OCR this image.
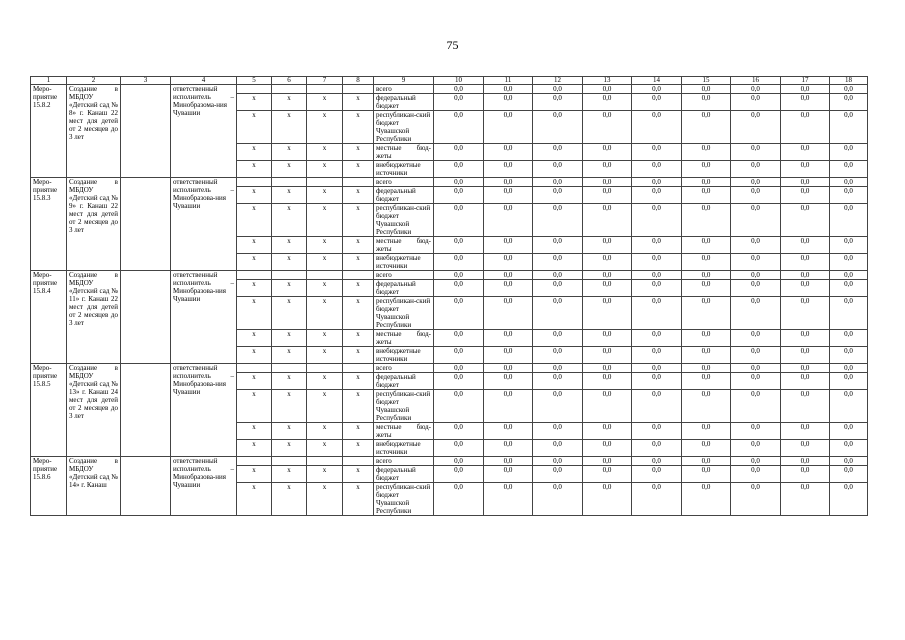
75
1	2	3	4	5	6	7	8	9	10	11	12	13	14	15	16	17	18
Меро-приятие 15.8.2	Создание в МБДОУ «Детский сад № 8» г. Канаш 22 мест для детей от 2 месяцев до 3 лет		ответственный исполнитель – Минобразома-ния Чувашии					всего	0,0	0,0	0,0	0,0	0,0	0,0	0,0	0,0	0,0
				x	x	x	x	федеральный бюджет	0,0	0,0	0,0	0,0	0,0	0,0	0,0	0,0	0,0
				x	x	x	x	республикан-ский бюджет Чувашской Республики	0,0	0,0	0,0	0,0	0,0	0,0	0,0	0,0	0,0
				x	x	x	x	местные бюд-жеты	0,0	0,0	0,0	0,0	0,0	0,0	0,0	0,0	0,0
				x	x	x	x	внебюджетные источники	0,0	0,0	0,0	0,0	0,0	0,0	0,0	0,0	0,0
Меро-приятие 15.8.3	Создание в МБДОУ «Детский сад № 9» г. Канаш 22 мест для детей от 2 месяцев до 3 лет		ответственный исполнитель – Минобразова-ния Чувашии					всего	0,0	0,0	0,0	0,0	0,0	0,0	0,0	0,0	0,0
				x	x	x	x	федеральный бюджет	0,0	0,0	0,0	0,0	0,0	0,0	0,0	0,0	0,0
				x	x	x	x	республикан-ский бюджет Чувашской Республики	0,0	0,0	0,0	0,0	0,0	0,0	0,0	0,0	0,0
				x	x	x	x	местные бюд-жеты	0,0	0,0	0,0	0,0	0,0	0,0	0,0	0,0	0,0
				x	x	x	x	внебюджетные источники	0,0	0,0	0,0	0,0	0,0	0,0	0,0	0,0	0,0
Меро-приятие 15.8.4	Создание в МБДОУ «Детский сад № 11» г. Канаш 22 мест для детей от 2 месяцев до 3 лет		ответственный исполнитель – Минобразова-ния Чувашии					всего	0,0	0,0	0,0	0,0	0,0	0,0	0,0	0,0	0,0
				x	x	x	x	федеральный бюджет	0,0	0,0	0,0	0,0	0,0	0,0	0,0	0,0	0,0
				x	x	x	x	республикан-ский бюджет Чувашской Республики	0,0	0,0	0,0	0,0	0,0	0,0	0,0	0,0	0,0
				x	x	x	x	местные бюд-жеты	0,0	0,0	0,0	0,0	0,0	0,0	0,0	0,0	0,0
				x	x	x	x	внебюджетные источники	0,0	0,0	0,0	0,0	0,0	0,0	0,0	0,0	0,0
Меро-приятие 15.8.5	Создание в МБДОУ «Детский сад № 13» г. Канаш 24 мест для детей от 2 месяцев до 3 лет		ответственный исполнитель – Минобразова-ния Чувашии					всего	0,0	0,0	0,0	0,0	0,0	0,0	0,0	0,0	0,0
				x	x	x	x	федеральный бюджет	0,0	0,0	0,0	0,0	0,0	0,0	0,0	0,0	0,0
				x	x	x	x	республикан-ский бюджет Чувашской Республики	0,0	0,0	0,0	0,0	0,0	0,0	0,0	0,0	0,0
				x	x	x	x	местные бюд-жеты	0,0	0,0	0,0	0,0	0,0	0,0	0,0	0,0	0,0
				x	x	x	x	внебюджетные источники	0,0	0,0	0,0	0,0	0,0	0,0	0,0	0,0	0,0
Меро-приятие 15.8.6	Создание в МБДОУ «Детский сад № 14» г. Канаш		ответственный исполнитель – Минобразова-ния Чувашии					всего	0,0	0,0	0,0	0,0	0,0	0,0	0,0	0,0	0,0
				x	x	x	x	федеральный бюджет	0,0	0,0	0,0	0,0	0,0	0,0	0,0	0,0	0,0
				x	x	x	x	республикан-ский бюджет Чувашской Республики	0,0	0,0	0,0	0,0	0,0	0,0	0,0	0,0	0,0
